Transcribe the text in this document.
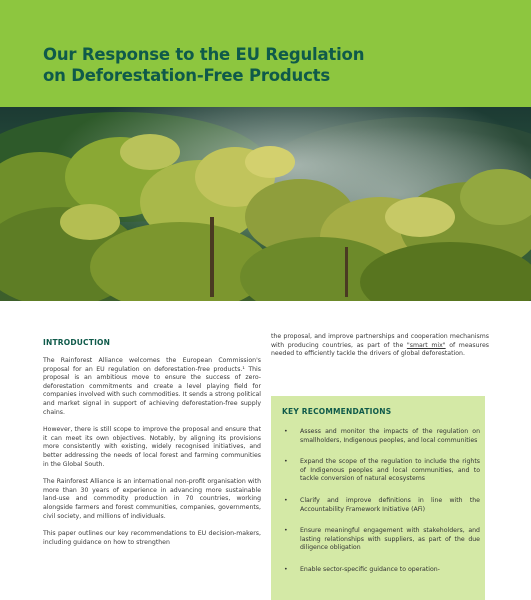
Our Response to the EU Regulation
on Deforestation-Free Products
INTRODUCTION

The Rainforest Alliance welcomes the European Commission's proposal for an EU regulation on deforestation-free products.¹ This proposal is an ambitious move to ensure the success of zero-deforestation commitments and create a level playing field for companies involved with such commodities. It sends a strong political and market signal in support of achieving deforestation-free supply chains.

However, there is still scope to improve the proposal and ensure that it can meet its own objectives. Notably, by aligning its provisions more consistently with existing, widely recognised initiatives, and better addressing the needs of local forest and farming communities in the Global South.

The Rainforest Alliance is an international non-profit organisation with more than 30 years of experience in advancing more sustainable land-use and commodity production in 70 countries, working alongside farmers and forest communities, companies, governments, civil society, and millions of individuals.

This paper outlines our key recommendations to EU decision-makers, including guidance on how to strengthen

the proposal, and improve partnerships and cooperation mechanisms with producing countries, as part of the "smart mix" of measures needed to efficiently tackle the drivers of global deforestation.

KEY RECOMMENDATIONS
• Assess and monitor the impacts of the regulation on smallholders, Indigenous peoples, and local communities
• Expand the scope of the regulation to include the rights of Indigenous peoples and local communities, and to tackle conversion of natural ecosystems
• Clarify and improve definitions in line with the Accountability Framework Initiative (AFi)
• Ensure meaningful engagement with stakeholders, and lasting relationships with suppliers, as part of the due diligence obligation
• Enable sector-specific guidance to operation-
